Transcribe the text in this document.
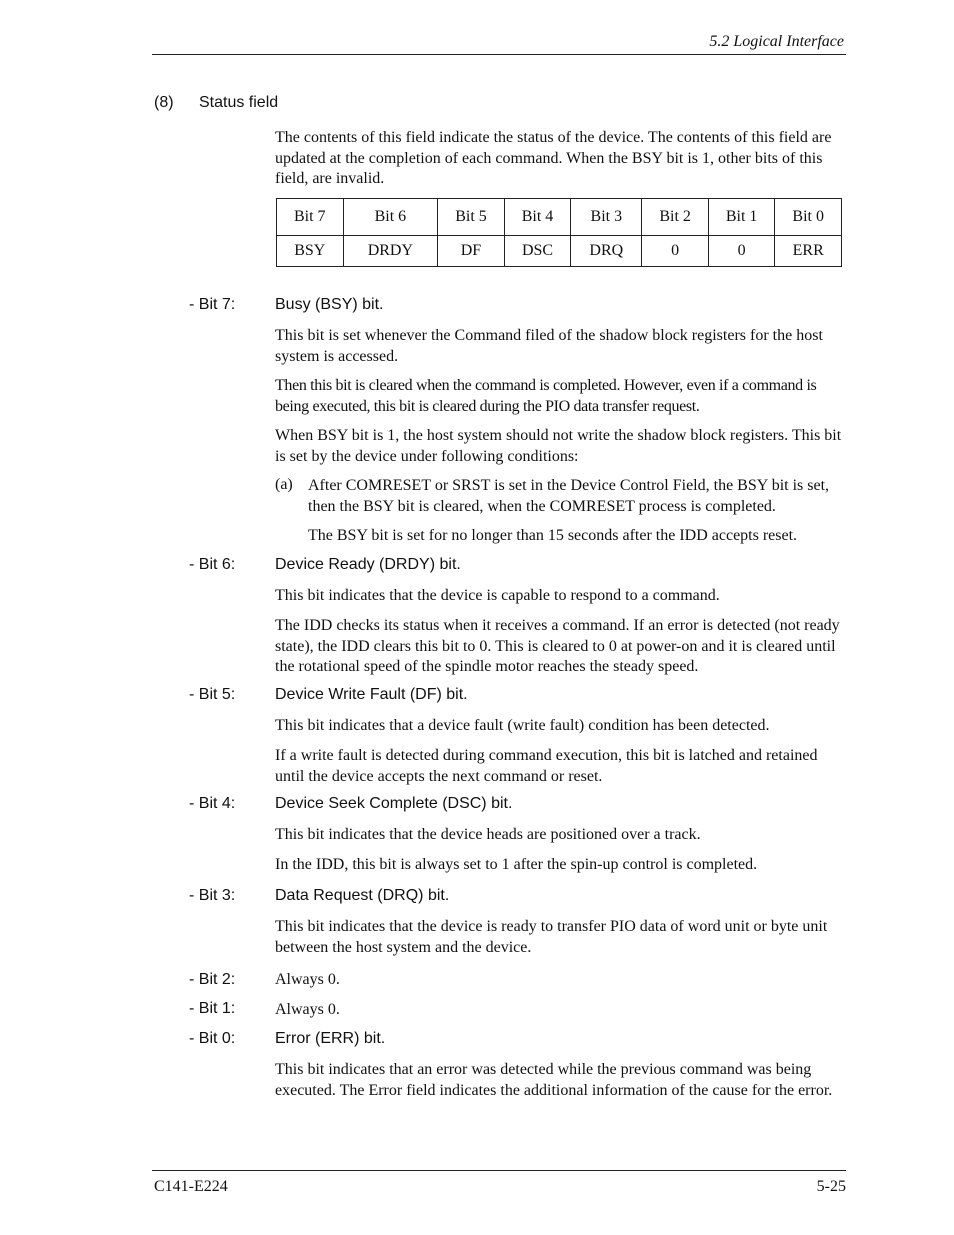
5.2 Logical Interface
(8) Status field
The contents of this field indicate the status of the device. The contents of this field are updated at the completion of each command. When the BSY bit is 1, other bits of this field, are invalid.
Bit 7	Bit 6	Bit 5	Bit 4	Bit 3	Bit 2	Bit 1	Bit 0
BSY	DRDY	DF	DSC	DRQ	0	0	ERR
- Bit 7: Busy (BSY) bit.
This bit is set whenever the Command filed of the shadow block registers for the host system is accessed.
Then this bit is cleared when the command is completed. However, even if a command is being executed, this bit is cleared during the PIO data transfer request.
When BSY bit is 1, the host system should not write the shadow block registers. This bit is set by the device under following conditions:
(a) After COMRESET or SRST is set in the Device Control Field, the BSY bit is set, then the BSY bit is cleared, when the COMRESET process is completed.
The BSY bit is set for no longer than 15 seconds after the IDD accepts reset.
- Bit 6: Device Ready (DRDY) bit.
This bit indicates that the device is capable to respond to a command.
The IDD checks its status when it receives a command. If an error is detected (not ready state), the IDD clears this bit to 0. This is cleared to 0 at power-on and it is cleared until the rotational speed of the spindle motor reaches the steady speed.
- Bit 5: Device Write Fault (DF) bit.
This bit indicates that a device fault (write fault) condition has been detected.
If a write fault is detected during command execution, this bit is latched and retained until the device accepts the next command or reset.
- Bit 4: Device Seek Complete (DSC) bit.
This bit indicates that the device heads are positioned over a track.
In the IDD, this bit is always set to 1 after the spin-up control is completed.
- Bit 3: Data Request (DRQ) bit.
This bit indicates that the device is ready to transfer PIO data of word unit or byte unit between the host system and the device.
- Bit 2: Always 0.
- Bit 1: Always 0.
- Bit 0: Error (ERR) bit.
This bit indicates that an error was detected while the previous command was being executed. The Error field indicates the additional information of the cause for the error.
C141-E224	5-25
